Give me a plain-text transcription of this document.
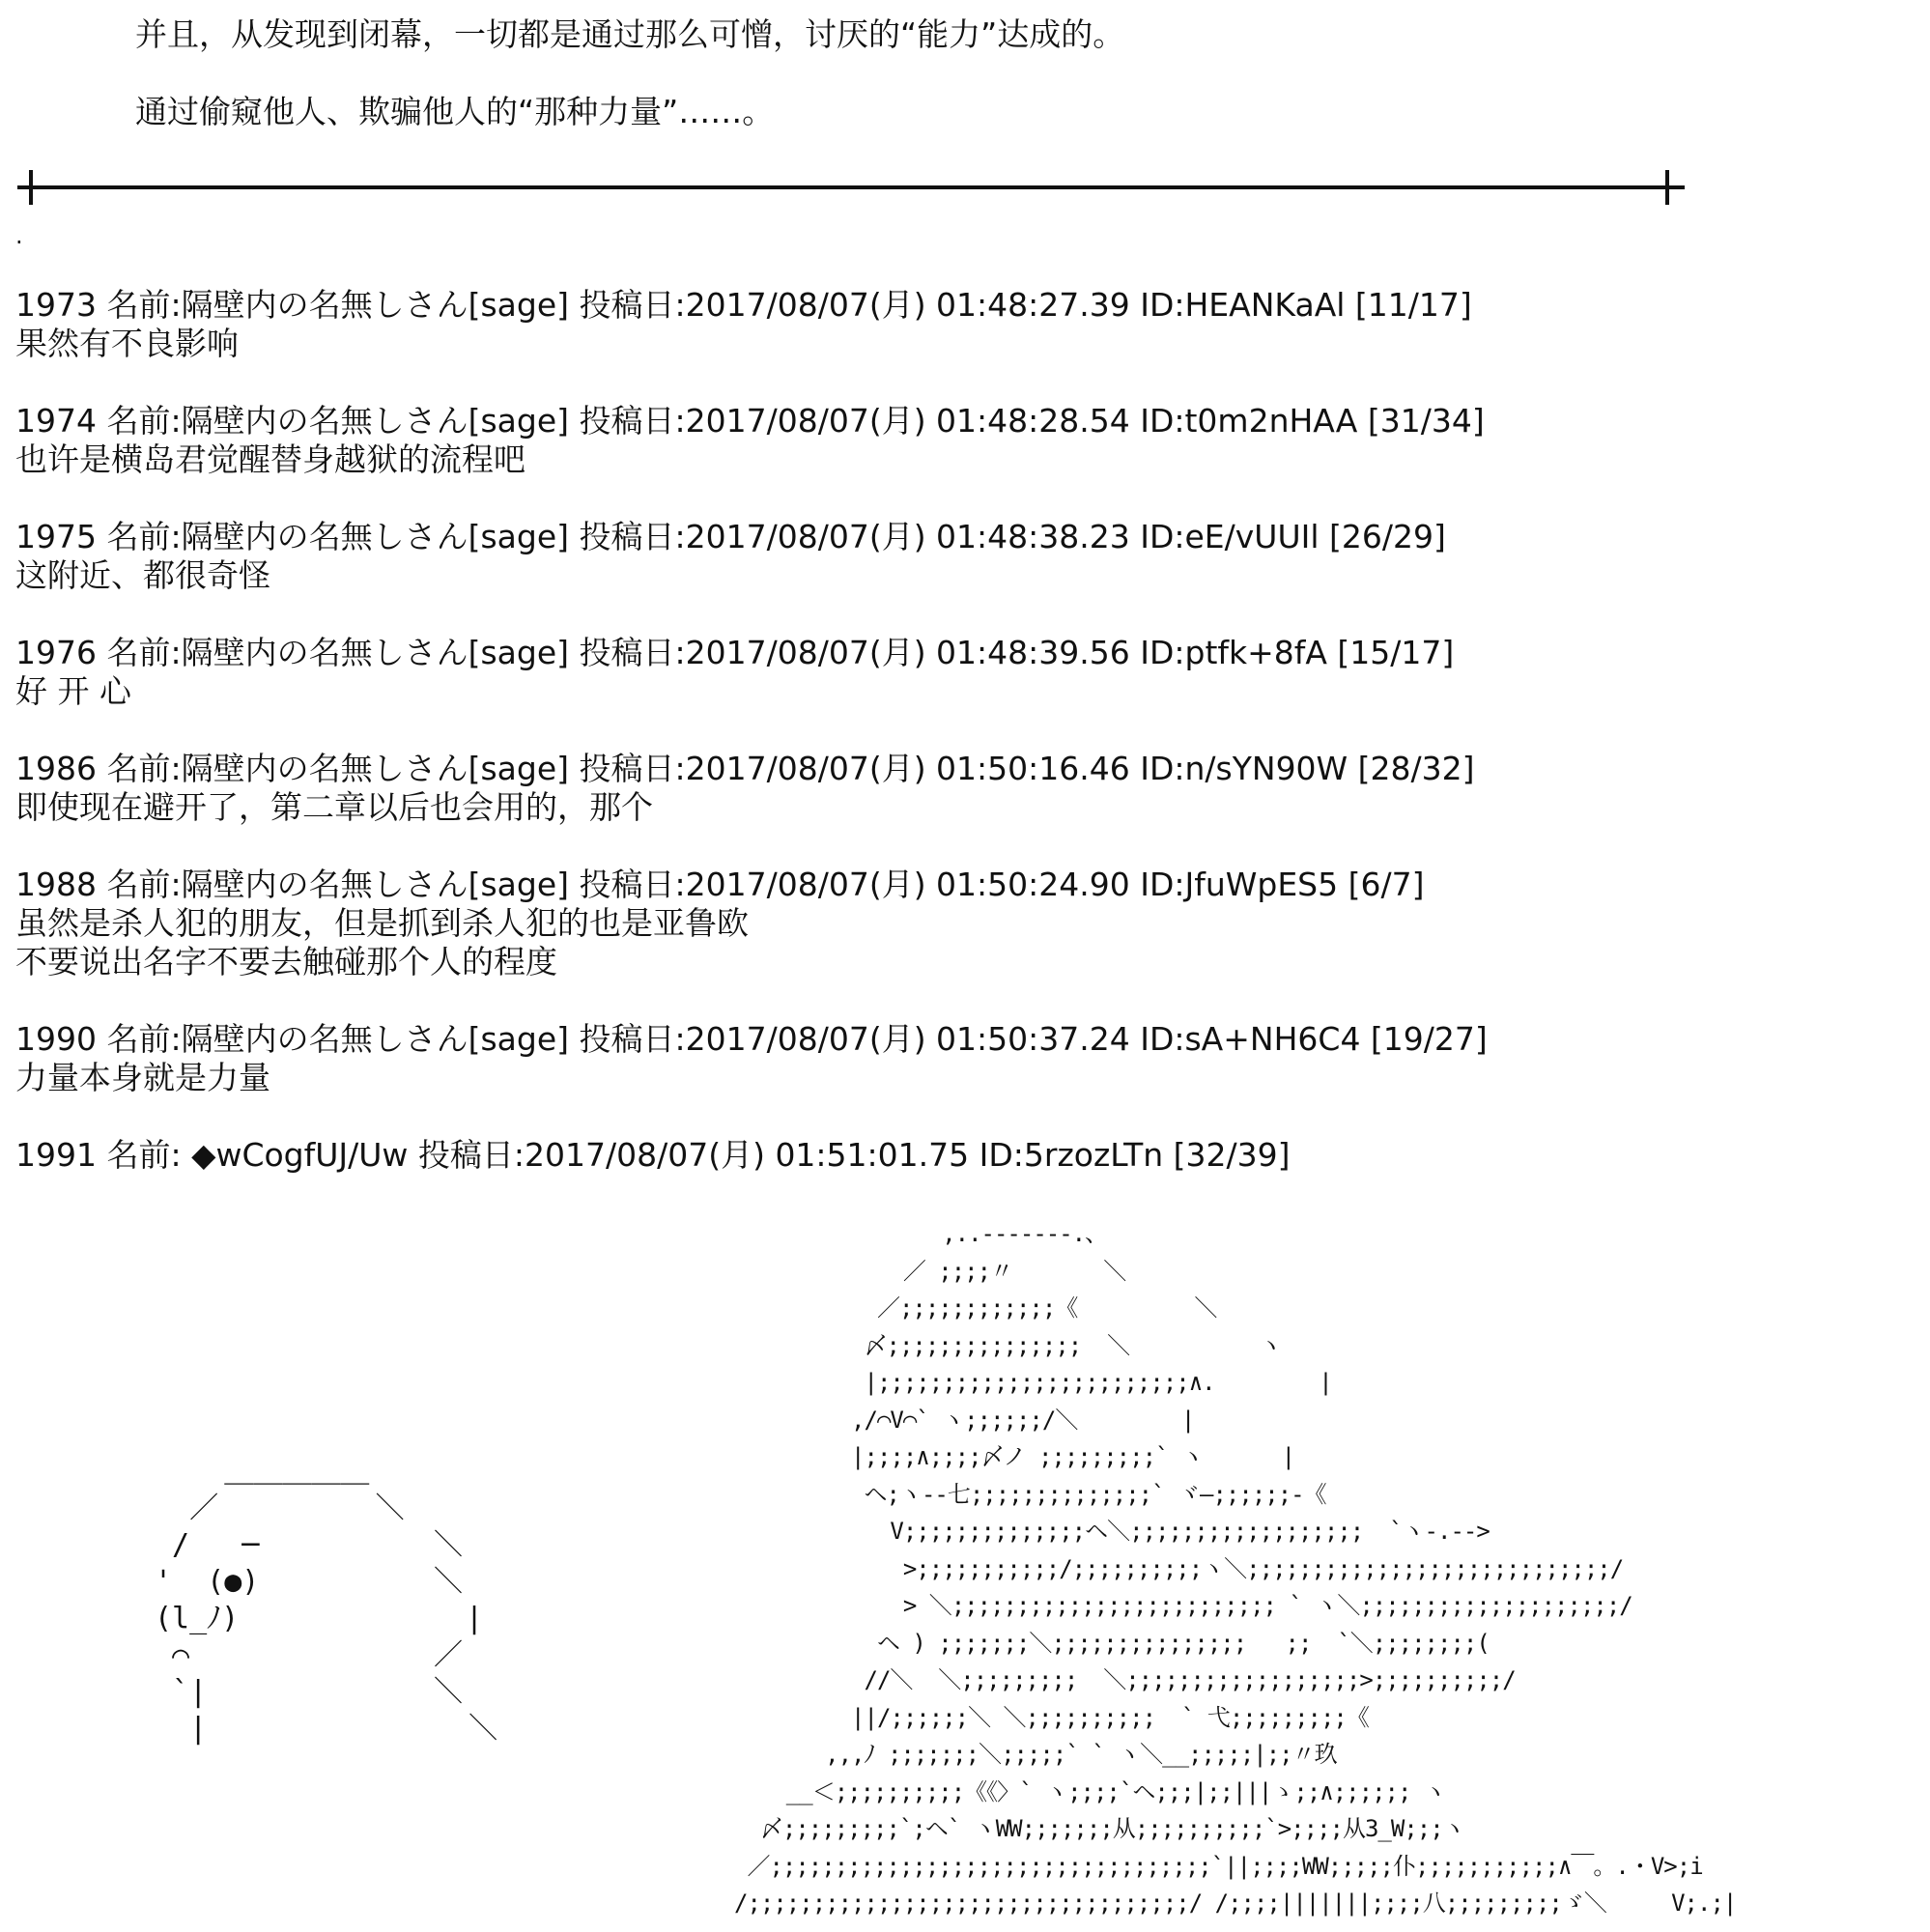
并且，从发现到闭幕，一切都是通过那么可憎，讨厌的“能力”达成的。
通过偷窥他人、欺骗他人的“那种力量”……。
.
1973 名前:隔壁内の名無しさん[sage] 投稿日:2017/08/07(月) 01:48:27.39 ID:HEANKaAl [11/17]
果然有不良影响
1974 名前:隔壁内の名無しさん[sage] 投稿日:2017/08/07(月) 01:48:28.54 ID:t0m2nHAA [31/34]
也许是横岛君觉醒替身越狱的流程吧
1975 名前:隔壁内の名無しさん[sage] 投稿日:2017/08/07(月) 01:48:38.23 ID:eE/vUUIl [26/29]
这附近、都很奇怪
1976 名前:隔壁内の名無しさん[sage] 投稿日:2017/08/07(月) 01:48:39.56 ID:ptfk+8fA [15/17]
好 开 心
1986 名前:隔壁内の名無しさん[sage] 投稿日:2017/08/07(月) 01:50:16.46 ID:n/sYN90W [28/32]
即使现在避开了，第二章以后也会用的，那个
1988 名前:隔壁内の名無しさん[sage] 投稿日:2017/08/07(月) 01:50:24.90 ID:JfuWpES5 [6/7]
虽然是杀人犯的朋友，但是抓到杀人犯的也是亚鲁欧
不要说出名字不要去触碰那个人的程度
1990 名前:隔壁内の名無しさん[sage] 投稿日:2017/08/07(月) 01:50:37.24 ID:sA+NH6C4 [19/27]
力量本身就是力量
1991 名前: ◆wCogfUJ/Uw 投稿日:2017/08/07(月) 01:51:01.75 ID:5rzozLTn [32/39]
＿＿＿＿＿
／         ＼
/   ─          ＼
'  (●)          ＼
(l_ﾉ)             |
⌒              ／
`|             ＼
|               ＼
,..-‐-----.、
／ ;;;;〃       ＼
／;;;;;;;;;;;;《         ＼
〆;;;;;;;;;;;;;;;  ＼          ヽ
|;;;;;;;;;;;;;;;;;;;;;;;;∧.        |
,/⌒V⌒` ヽ;;;;;;/＼        |
|;;;;∧;;;;〆ノ ;;;;;;;;;` ヽ      |
ヘ;ヽ-‐七;;;;;;;;;;;;;;` ヾ―;;;;;;-《
V;;;;;;;;;;;;;;ヘ＼;;;;;;;;;;;;;;;;;;  `ヽ-.-‐>
>;;;;;;;;;;;/;;;;;;;;;;ヽ＼;;;;;;;;;;;;;;;;;;;;;;;;;;;;/
> ＼;;;;;;;;;;;;;;;;;;;;;;;;; ` ヽ＼;;;;;;;;;;;;;;;;;;;;/
ヘ ) ;;;;;;;＼;;;;;;;;;;;;;;;   ;;  `＼;;;;;;;;(
//＼  ＼;;;;;;;;;  ＼;;;;;;;;;;;;;;;;;;>;;;;;;;;;;/
||/;;;;;;＼ ＼;;;;;;;;;;  ` 弋;;;;;;;;;《
,,,ﾉ ;;;;;;;＼;;;;;` ` ヽ＼__;;;;;|;;〃玖
__＜;;;;;;;;;;《《〉` ヽ;;;;`ヘ;;;|;;|||ゝ;;∧;;;;;; ヽ
〆;;;;;;;;;`;ヘ` ヽWW;;;;;;;从;;;;;;;;;;`>;;;;从3_W;;;ヽ
／;;;;;;;;;;;;;;;;;;;;;;;;;;;;;;;;;;`||;;;;WW;;;;;仆;;;;;;;;;;;∧￣。.・V>;i
/;;;;;;;;;;;;;;;;;;;;;;;;;;;;;;;;;;/ /;;;;|||||||;;;;八;;;;;;;;;ゞ＼     V;.;|
